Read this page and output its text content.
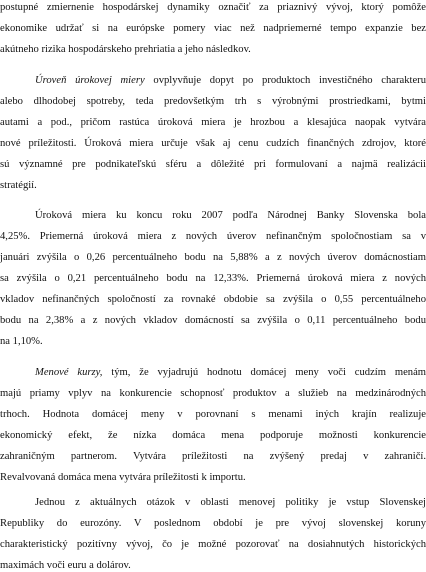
postupné zmiernenie hospodárskej dynamiky označiť za priaznivý vývoj, ktorý pomôže
ekonomike udržať si na európske pomery viac než nadpriemerné tempo expanzie bez
akútneho rizika hospodárskeho prehriatia a jeho následkov.
Úroveň úrokovej miery ovplyvňuje dopyt po produktoch investičného charakteru
alebo dlhodobej spotreby, teda predovšetkým trh s výrobnými prostriedkami, bytmi
autami a pod., pričom rastúca úroková miera je hrozbou a klesajúca naopak vytvára
nové príležitosti. Úroková miera určuje však aj cenu cudzích finančných zdrojov, ktoré
sú významné pre podnikateľskú sféru a dôležité pri formulovaní a najmä realizácii
stratégií.
Úroková miera ku koncu roku 2007 podľa Národnej Banky Slovenska bola
4,25%. Priemerná úroková miera z nových úverov nefinančným spoločnostiam sa v
januári zvýšila o 0,26 percentuálneho bodu na 5,88% a z nových úverov domácnostiam
sa zvýšila o 0,21 percentuálneho bodu na 12,33%. Priemerná úroková miera z nových
vkladov nefinančných spoločností za rovnaké obdobie sa zvýšila o 0,55 percentuálneho
bodu na 2,38% a z nových vkladov domácností sa zvýšila o 0,11 percentuálneho bodu
na 1,10%.
Menové kurzy, tým, že vyjadrujú hodnotu domácej meny voči cudzím menám
majú priamy vplyv na konkurencie schopnosť produktov a služieb na medzinárodných
trhoch. Hodnota domácej meny v porovnaní s menami iných krajín realizuje
ekonomický efekt, že nízka domáca mena podporuje možnosti konkurencie
zahraničným partnerom. Vytvára príležitosti na zvýšený predaj v zahraničí.
Revalvovaná domáca mena vytvára príležitosti k importu.
Jednou z aktuálnych otázok v oblasti menovej politiky je vstup Slovenskej
Republiky do eurozóny. V poslednom období je pre vývoj slovenskej koruny
charakteristický pozitívny vývoj, čo je možné pozorovať na dosiahnutých historických
maximách voči euru a dolárov.
